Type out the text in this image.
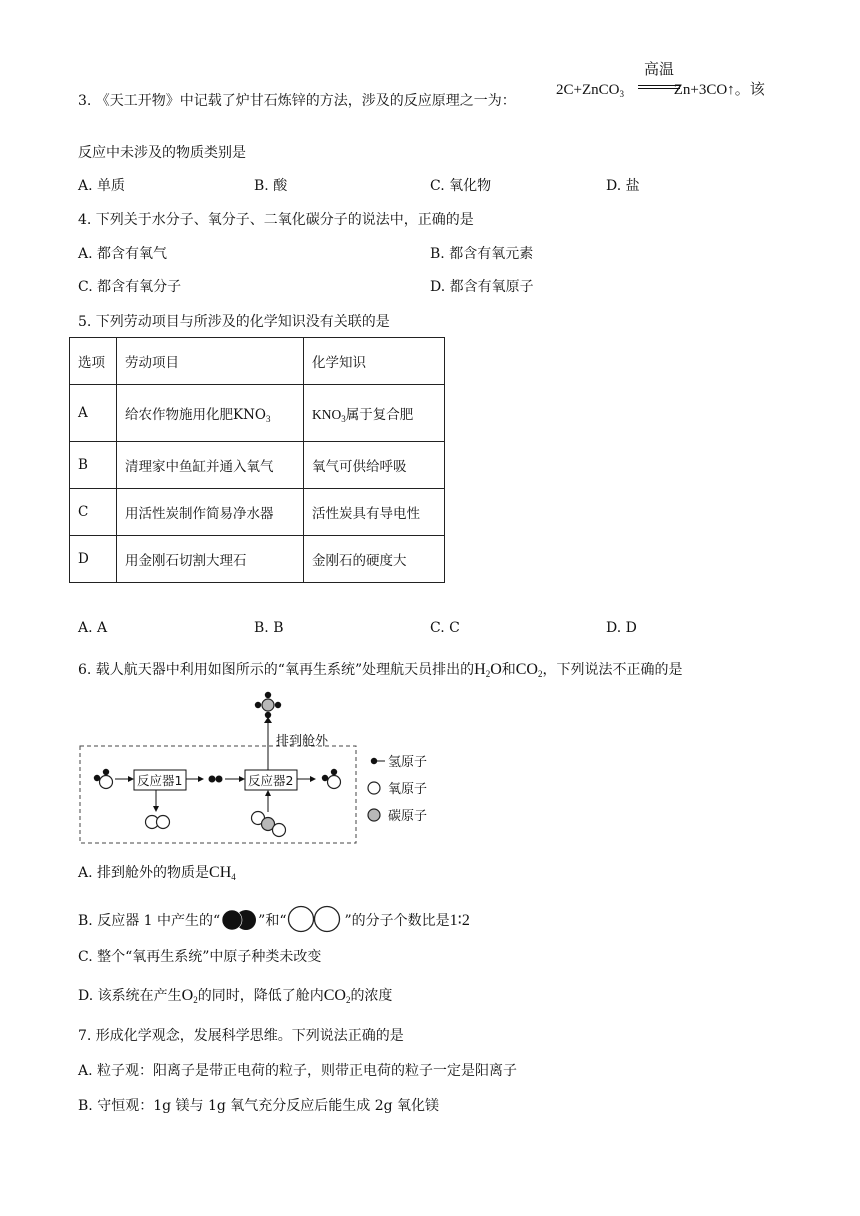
3. 《天工开物》中记载了炉甘石炼锌的方法，涉及的反应原理之一为：
2C+ZnCO$_3$
高温
Zn+3CO↑。该
反应中未涉及的物质类别是
A. 单质	B. 酸	C. 氧化物	D. 盐
4. 下列关于水分子、氧分子、二氧化碳分子的说法中，正确的是
A. 都含有氧气	B. 都含有氧元素
C. 都含有氧分子	D. 都含有氧原子
5. 下列劳动项目与所涉及的化学知识没有关联的是
选项	劳动项目	化学知识
A	给农作物施用化肥$KNO_3$	$KNO_3$属于复合肥
B	清理家中鱼缸并通入氧气	氧气可供给呼吸
C	用活性炭制作简易净水器	活性炭具有导电性
D	用金刚石切割大理石	金刚石的硬度大
A. A	B. B	C. C	D. D
6. 载人航天器中利用如图所示的“氧再生系统”处理航天员排出的$H_2O$和$CO_2$，下列说法不正确的是
排到舱外
反应器1	反应器2
氢原子
氧原子
碳原子
A. 排到舱外的物质是$CH_4$
B. 反应器 1 中产生的“	”和“	”的分子个数比是1∶2
C. 整个“氧再生系统”中原子种类未改变
D. 该系统在产生$O_2$的同时，降低了舱内$CO_2$的浓度
7. 形成化学观念，发展科学思维。下列说法正确的是
A. 粒子观：阳离子是带正电荷的粒子，则带正电荷的粒子一定是阳离子
B. 守恒观：1g 镁与 1g 氧气充分反应后能生成 2g 氧化镁
